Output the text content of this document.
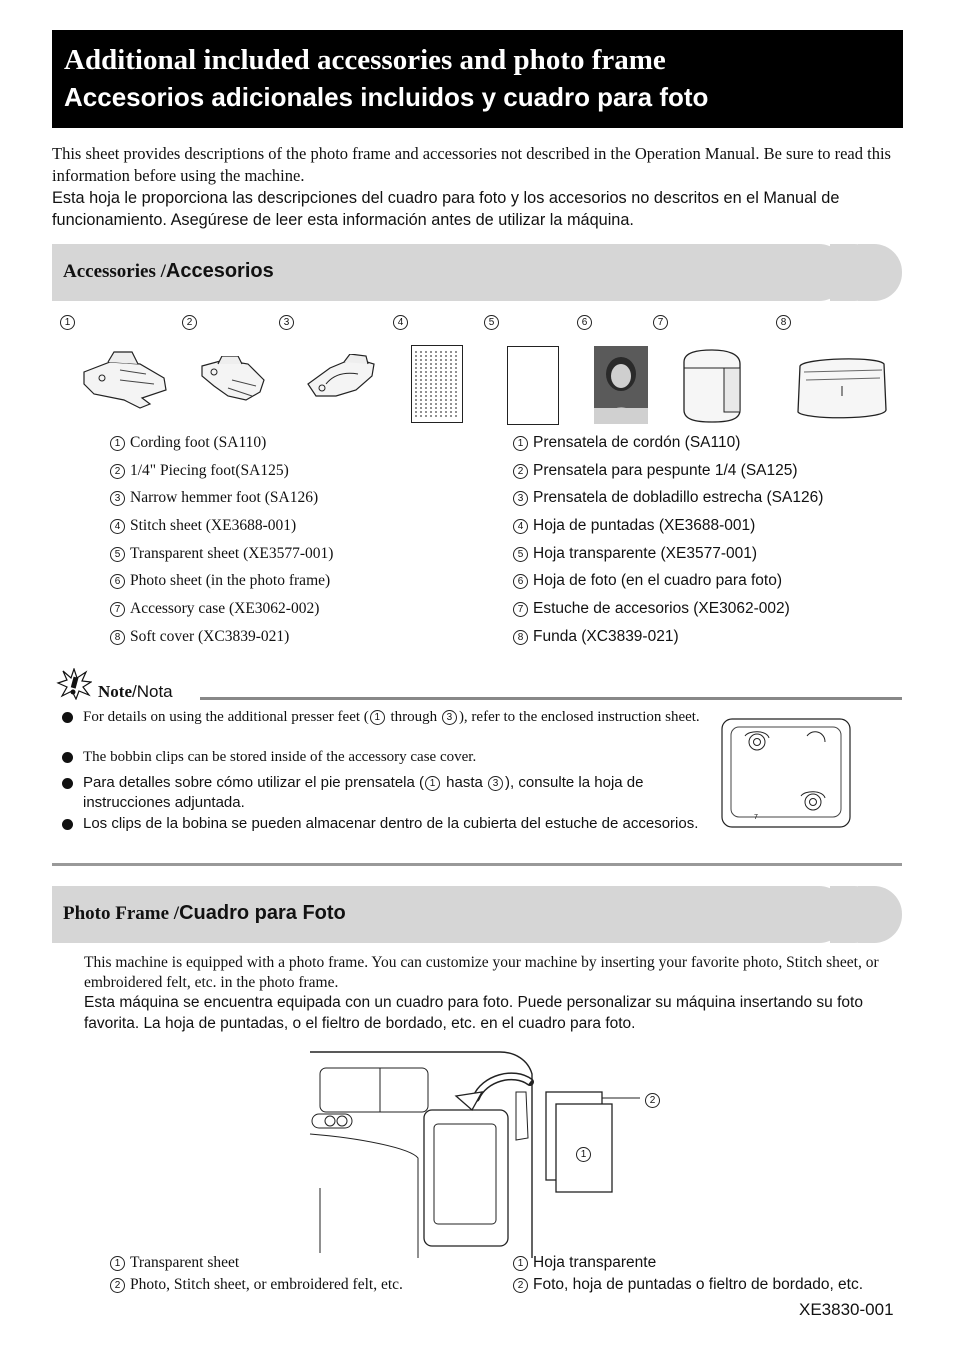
Additional included accessories and photo frame
Accesorios adicionales incluidos y cuadro para foto
This sheet provides descriptions of the photo frame and accessories not described in the Operation Manual. Be sure to read this information before using the machine.
Esta hoja le proporciona las descripciones del cuadro para foto y los accesorios no descritos en el Manual de funcionamiento. Asegúrese de leer esta información antes de utilizar la máquina.
Accessories /Accesorios
1	2	3	4	5	6	7	8
1 Cording foot (SA110)
2 1/4" Piecing foot(SA125)
3 Narrow hemmer foot (SA126)
4 Stitch sheet (XE3688-001)
5 Transparent sheet (XE3577-001)
6 Photo sheet (in the photo frame)
7 Accessory case (XE3062-002)
8 Soft cover (XC3839-021)
1 Prensatela de cordón (SA110)
2 Prensatela para pespunte 1/4 (SA125)
3 Prensatela de dobladillo estrecha (SA126)
4 Hoja de puntadas (XE3688-001)
5 Hoja transparente (XE3577-001)
6 Hoja de foto (en el cuadro para foto)
7 Estuche de accesorios (XE3062-002)
8 Funda (XC3839-021)
Note/Nota
For details on using the additional presser feet ( 1 through 3 ), refer to the enclosed instruction sheet.
The bobbin clips can be stored inside of the accessory case cover.
Para detalles sobre cómo utilizar el pie prensatela ( 1 hasta 3 ), consulte la hoja de instrucciones adjuntada.
Los clips de la bobina se pueden almacenar dentro de la cubierta del estuche de accesorios.	7
Photo Frame /Cuadro para Foto
This machine is equipped with a photo frame. You can customize your machine by inserting your favorite photo, Stitch sheet, or embroidered felt, etc. in the photo frame.
Esta máquina se encuentra equipada con un cuadro para foto. Puede personalizar su máquina insertando su foto favorita. La hoja de puntadas, o el fieltro de bordado, etc. en el cuadro para foto.
2
1
1 Transparent sheet
2 Photo, Stitch sheet, or embroidered felt, etc.
1 Hoja transparente
2 Foto, hoja de puntadas o fieltro de bordado, etc.
XE3830-001
